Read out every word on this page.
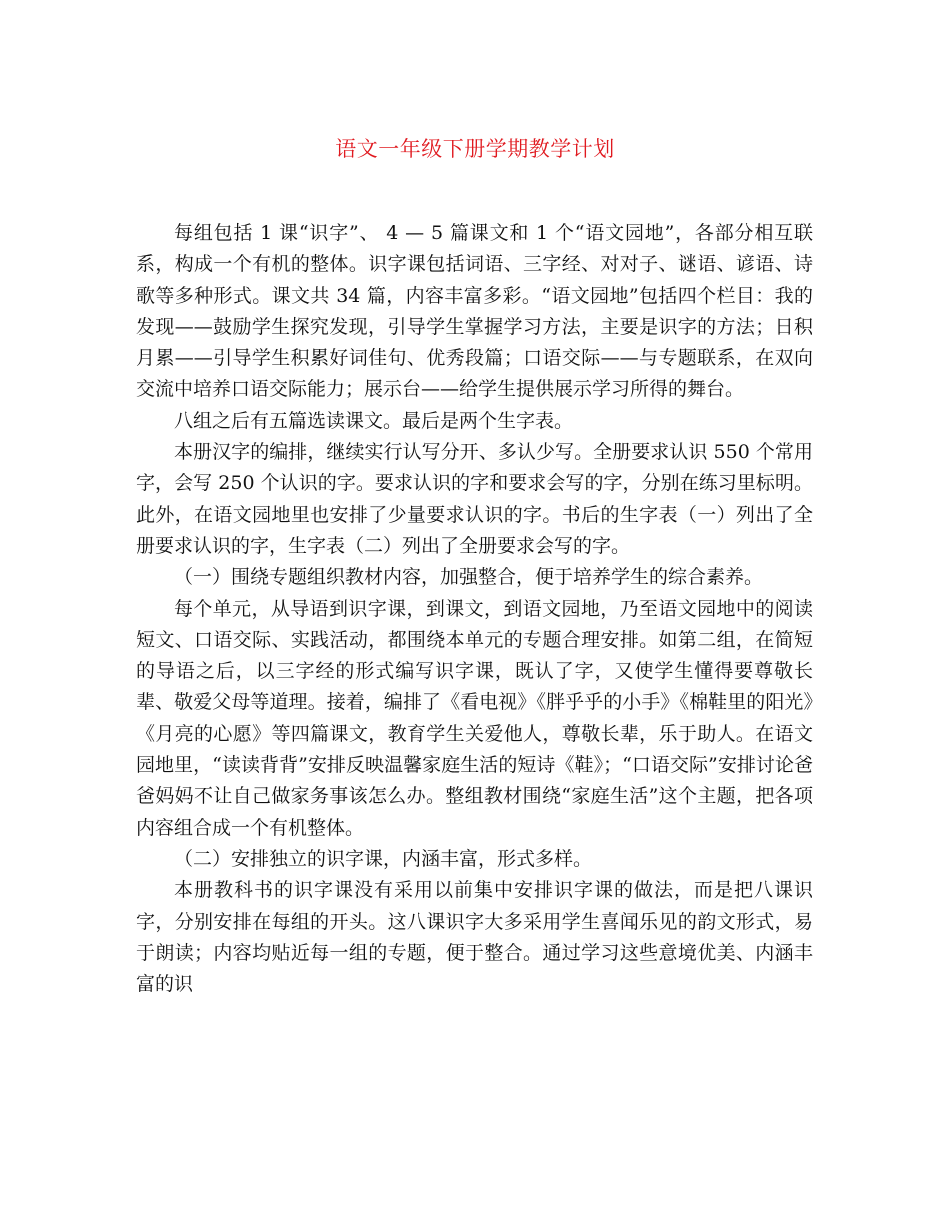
语文一年级下册学期教学计划

每组包括 1 课“识字”、 4 — 5 篇课文和 1 个“语文园地”，各部分相互联系，构成一个有机的整体。识字课包括词语、三字经、对对子、谜语、谚语、诗歌等多种形式。课文共 34 篇，内容丰富多彩。“语文园地”包括四个栏目：我的发现——鼓励学生探究发现，引导学生掌握学习方法，主要是识字的方法；日积月累——引导学生积累好词佳句、优秀段篇；口语交际——与专题联系，在双向交流中培养口语交际能力；展示台——给学生提供展示学习所得的舞台。

八组之后有五篇选读课文。最后是两个生字表。

本册汉字的编排，继续实行认写分开、多认少写。全册要求认识 550 个常用字，会写 250 个认识的字。要求认识的字和要求会写的字，分别在练习里标明。此外，在语文园地里也安排了少量要求认识的字。书后的生字表（一）列出了全册要求认识的字，生字表（二）列出了全册要求会写的字。

（一）围绕专题组织教材内容，加强整合，便于培养学生的综合素养。

每个单元，从导语到识字课，到课文，到语文园地，乃至语文园地中的阅读短文、口语交际、实践活动，都围绕本单元的专题合理安排。如第二组，在简短的导语之后，以三字经的形式编写识字课，既认了字，又使学生懂得要尊敬长辈、敬爱父母等道理。接着，编排了《看电视》《胖乎乎的小手》《棉鞋里的阳光》《月亮的心愿》等四篇课文，教育学生关爱他人，尊敬长辈，乐于助人。在语文园地里，“读读背背”安排反映温馨家庭生活的短诗《鞋》；“口语交际”安排讨论爸爸妈妈不让自己做家务事该怎么办。整组教材围绕“家庭生活”这个主题，把各项内容组合成一个有机整体。

（二）安排独立的识字课，内涵丰富，形式多样。

本册教科书的识字课没有采用以前集中安排识字课的做法，而是把八课识字，分别安排在每组的开头。这八课识字大多采用学生喜闻乐见的韵文形式，易于朗读；内容均贴近每一组的专题，便于整合。通过学习这些意境优美、内涵丰富的识
